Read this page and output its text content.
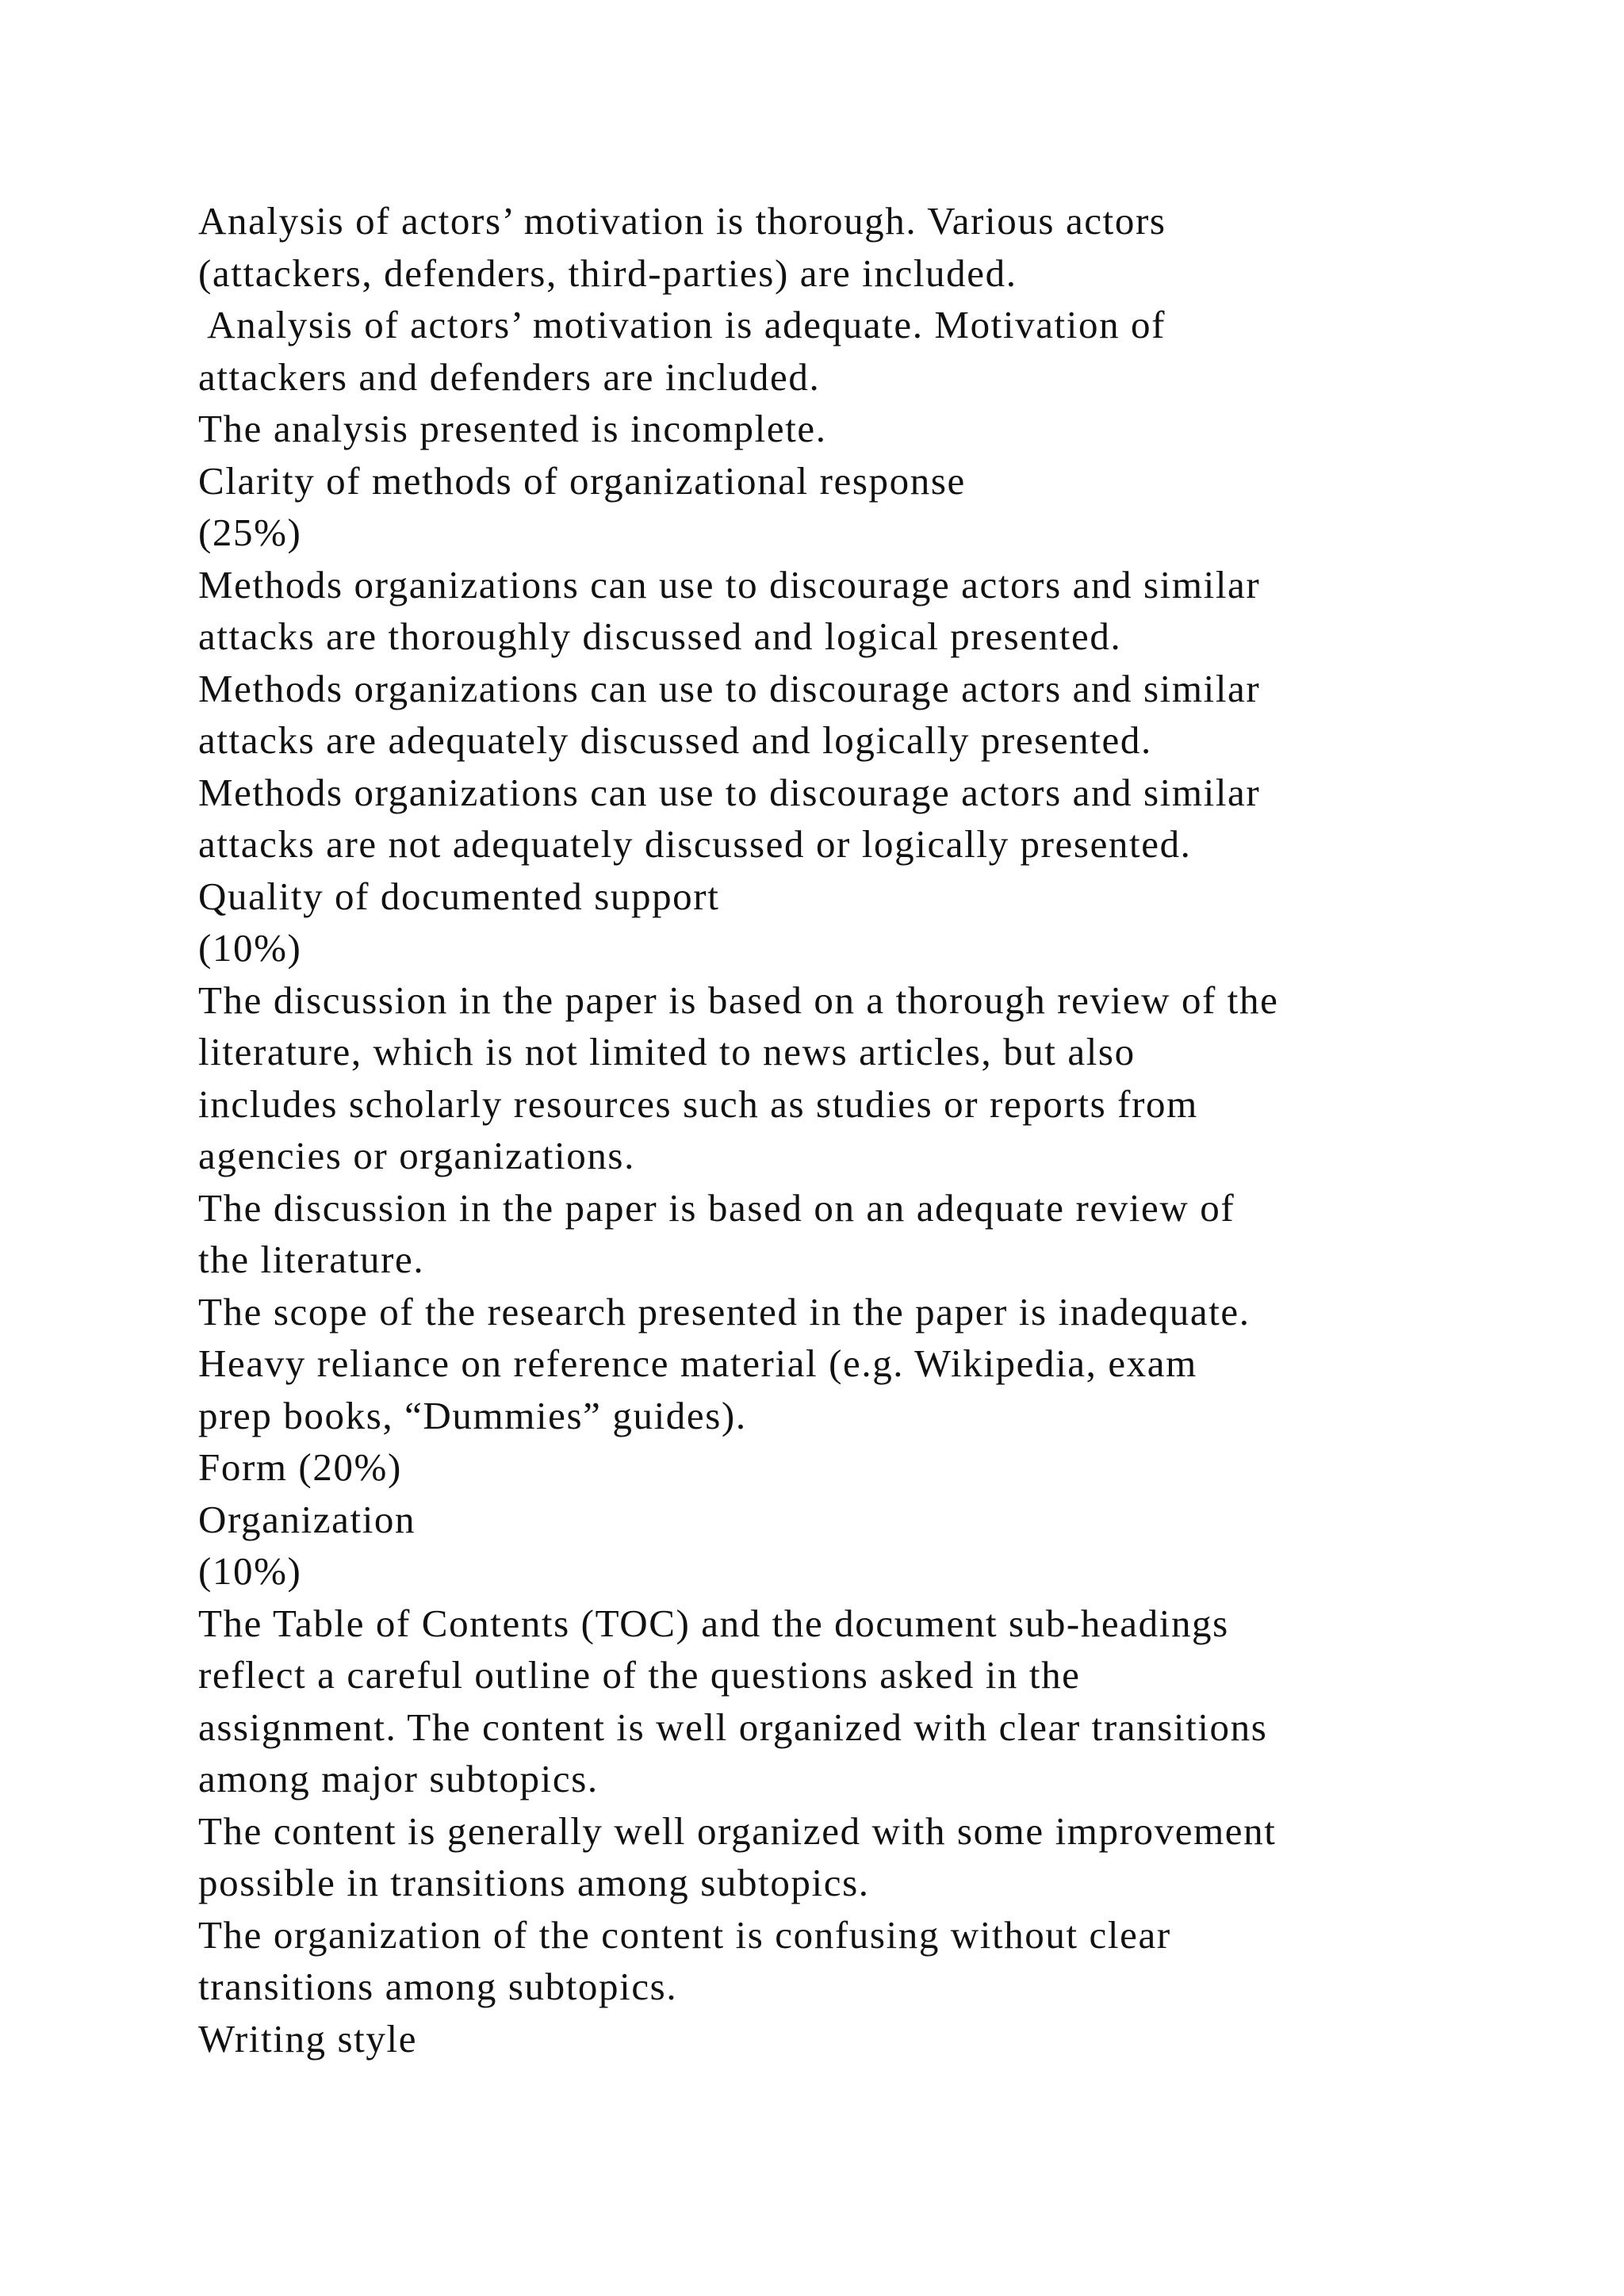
Analysis of actors’ motivation is thorough. Various actors
(attackers, defenders, third-parties) are included.
Analysis of actors’ motivation is adequate. Motivation of
attackers and defenders are included.
The analysis presented is incomplete.
Clarity of methods of organizational response
(25%)
Methods organizations can use to discourage actors and similar
attacks are thoroughly discussed and logical presented.
Methods organizations can use to discourage actors and similar
attacks are adequately discussed and logically presented.
Methods organizations can use to discourage actors and similar
attacks are not adequately discussed or logically presented.
Quality of documented support
(10%)
The discussion in the paper is based on a thorough review of the
literature, which is not limited to news articles, but also
includes scholarly resources such as studies or reports from
agencies or organizations.
The discussion in the paper is based on an adequate review of
the literature.
The scope of the research presented in the paper is inadequate.
Heavy reliance on reference material (e.g. Wikipedia, exam
prep books, “Dummies” guides).
Form (20%)
Organization
(10%)
The Table of Contents (TOC) and the document sub-headings
reflect a careful outline of the questions asked in the
assignment. The content is well organized with clear transitions
among major subtopics.
The content is generally well organized with some improvement
possible in transitions among subtopics.
The organization of the content is confusing without clear
transitions among subtopics.
Writing style
